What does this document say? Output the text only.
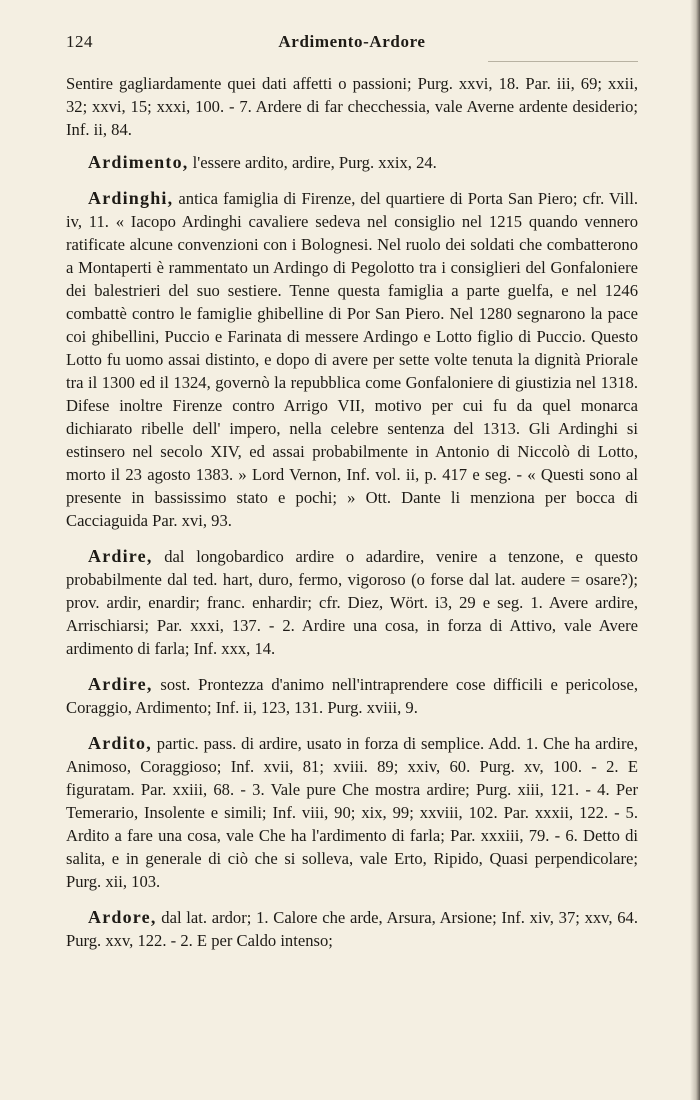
124	Ardimento-Ardore

Sentire gagliardamente quei dati affetti o passioni; Purg. xxvi, 18. Par. iii, 69; xxii, 32; xxvi, 15; xxxi, 100. - 7. Ardere di far checchessia, vale Averne ardente desiderio; Inf. ii, 84.

Ardimento, l'essere ardito, ardire, Purg. xxix, 24.

Ardinghi, antica famiglia di Firenze, del quartiere di Porta San Piero; cfr. Vill. iv, 11. « Iacopo Ardinghi cavaliere sedeva nel consiglio nel 1215 quando vennero ratificate alcune convenzioni con i Bolognesi. Nel ruolo dei soldati che combatterono a Montaperti è rammentato un Ardingo di Pegolotto tra i consiglieri del Gonfaloniere dei balestrieri del suo sestiere. Tenne questa famiglia a parte guelfa, e nel 1246 combattè contro le famiglie ghibelline di Por San Piero. Nel 1280 segnarono la pace coi ghibellini, Puccio e Farinata di messere Ardingo e Lotto figlio di Puccio. Questo Lotto fu uomo assai distinto, e dopo di avere per sette volte tenuta la dignità Priorale tra il 1300 ed il 1324, governò la repubblica come Gonfaloniere di giustizia nel 1318. Difese inoltre Firenze contro Arrigo VII, motivo per cui fu da quel monarca dichiarato ribelle dell' impero, nella celebre sentenza del 1313. Gli Ardinghi si estinsero nel secolo XIV, ed assai probabilmente in Antonio di Niccolò di Lotto, morto il 23 agosto 1383. » Lord Vernon, Inf. vol. ii, p. 417 e seg. - « Questi sono al presente in bassissimo stato e pochi; » Ott. Dante li menziona per bocca di Cacciaguida Par. xvi, 93.

Ardire, dal longobardico ardire o adardire, venire a tenzone, e questo probabilmente dal ted. hart, duro, fermo, vigoroso (o forse dal lat. audere = osare?); prov. ardir, enardir; franc. enhardir; cfr. Diez, Wört. i3, 29 e seg. 1. Avere ardire, Arrischiarsi; Par. xxxi, 137. - 2. Ardire una cosa, in forza di Attivo, vale Avere ardimento di farla; Inf. xxx, 14.

Ardire, sost. Prontezza d'animo nell'intraprendere cose difficili e pericolose, Coraggio, Ardimento; Inf. ii, 123, 131. Purg. xviii, 9.

Ardito, partic. pass. di ardire, usato in forza di semplice. Add. 1. Che ha ardire, Animoso, Coraggioso; Inf. xvii, 81; xviii. 89; xxiv, 60. Purg. xv, 100. - 2. E figuratam. Par. xxiii, 68. - 3. Vale pure Che mostra ardire; Purg. xiii, 121. - 4. Per Temerario, Insolente e simili; Inf. viii, 90; xix, 99; xxviii, 102. Par. xxxii, 122. - 5. Ardito a fare una cosa, vale Che ha l'ardimento di farla; Par. xxxiii, 79. - 6. Detto di salita, e in generale di ciò che si solleva, vale Erto, Ripido, Quasi perpendicolare; Purg. xii, 103.

Ardore, dal lat. ardor; 1. Calore che arde, Arsura, Arsione; Inf. xiv, 37; xxv, 64. Purg. xxv, 122. - 2. E per Caldo intenso;
